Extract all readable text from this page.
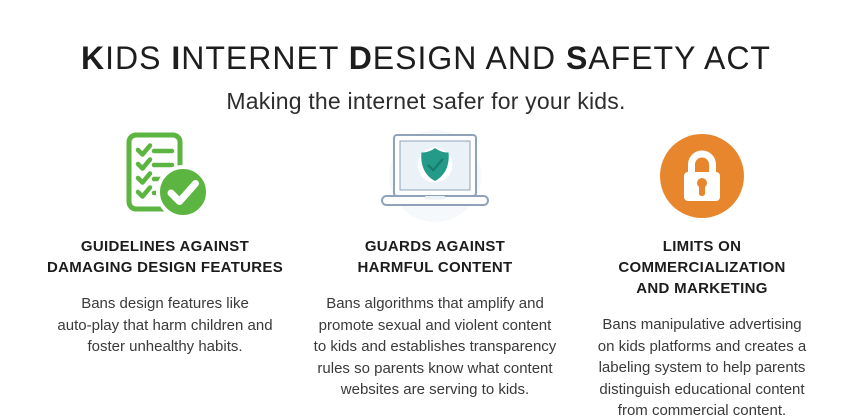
KIDS INTERNET DESIGN AND SAFETY ACT

Making the internet safer for your kids.

GUIDELINES AGAINST
DAMAGING DESIGN FEATURES

Bans design features like
auto-play that harm children and
foster unhealthy habits.

GUARDS AGAINST
HARMFUL CONTENT

Bans algorithms that amplify and
promote sexual and violent content
to kids and establishes transparency
rules so parents know what content
websites are serving to kids.

LIMITS ON
COMMERCIALIZATION
AND MARKETING

Bans manipulative advertising
on kids platforms and creates a
labeling system to help parents
distinguish educational content
from commercial content.
